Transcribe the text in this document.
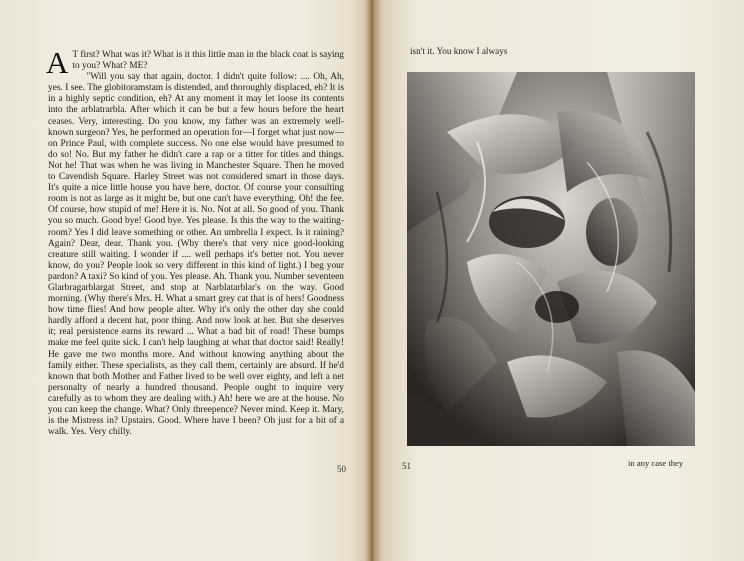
A T first? What was it? What is it this little man in the black coat is saying to you? What? ME?

"Will you say that again, doctor. I didn't quite follow: .... Oh, Ah, yes. I see. The globitoramstam is distended, and thoroughly displaced, eh? It is in a highly septic condition, eh? At any moment it may let loose its contents into the arblatrarbla. After which it can be but a few hours before the heart ceases. Very, interesting. Do you know, my father was an extremely well-known surgeon? Yes, he performed an operation for—I forget what just now—on Prince Paul, with complete success. No one else would have presumed to do so! No. But my father he didn't care a rap or a titter for titles and things. Not he! That was when he was living in Manchester Square. Then he moved to Cavendish Square. Harley Street was not considered smart in those days. It's quite a nice little house you have here, doctor. Of course your consulting room is not as large as it might be, but one can't have everything. Oh! the fee. Of course, how stupid of me! Here it is. No. Not at all. So good of you. Thank you so much. Good bye! Good bye. Yes please. Is this the way to the waiting-room? Yes I did leave something or other. An umbrella I expect. Is it raining? Again? Dear, dear. Thank you. (Why there's that very nice good-looking creature still waiting. I wonder if .... well perhaps it's better not. You never know, do you? People look so very different in this kind of light.) I beg your pardon? A taxi? So kind of you. Yes please. Ah. Thank you. Number seventeen Glarbragarblargat Street, and stop at Narblatarblar's on the way. Good morning. (Why there's Mrs. H. What a smart grey cat that is of hers! Goodness how time flies! And how people alter. Why it's only the other day she could hardly afford a decent hat, poor thing. And now look at her. But she deserves it; real persistence earns its reward ... What a bad bit of road! These bumps make me feel quite sick. I can't help laughing at what that doctor said! Really! He gave me two months more. And without knowing anything about the family either. These specialists, as they call them, certainly are absurd. If he'd known that both Mother and Father lived to be well over eighty, and left a net personalty of nearly a hundred thousand. People ought to inquire very carefully as to whom they are dealing with.) Ah! here we are at the house. No you can keep the change. What? Only threepence? Never mind. Keep it. Mary, is the Mistress in? Upstairs. Good. Where have I been? Oh just for a bit of a walk. Yes. Very chilly.

50
isn't it. You know I always
51	in any case they
